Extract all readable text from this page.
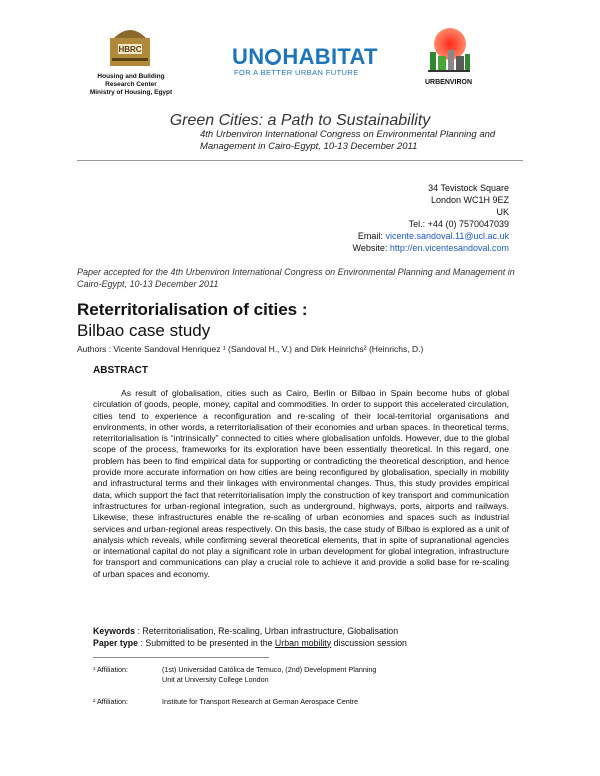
HBRC
Housing and Building
Research Center
Ministry of Housing, Egypt
UN HABITAT
FOR A BETTER URBAN FUTURE
URBENVIRON
Green Cities: a Path to Sustainability
4th Urbenviron International Congress on Environmental Planning and Management in Cairo-Egypt, 10-13 December 2011
34 Tevistock Square
London WC1H 9EZ
UK
Tel.: +44 (0) 7570047039
Email: vicente.sandoval.11@ucl.ac.uk
Website: http://en.vicentesandoval.com
Paper accepted for the 4th Urbenviron International Congress on Environmental Planning and Management in Cairo-Egypt, 10-13 December 2011
Reterritorialisation of cities :
Bilbao case study
Authors : Vicente Sandoval Henriquez ¹ (Sandoval H., V.) and Dirk Heinrichs² (Heinrichs, D.)
ABSTRACT
As result of globalisation, cities such as Cairo, Berlin or Bilbao in Spain become hubs of global circulation of goods, people, money, capital and commodities. In order to support this accelerated circulation, cities tend to experience a reconfiguration and re-scaling of their local-territorial organisations and environments, in other words, a reterritorialisation of their economies and urban spaces. In theoretical terms, reterritorialisation is “intrinsically” connected to cities where globalisation unfolds. However, due to the global scope of the process, frameworks for its exploration have been essentially theoretical. In this regard, one problem has been to find empirical data for supporting or contradicting the theoretical description, and hence provide more accurate information on how cities are being reconfigured by globalisation, specially in mobility and infrastructural terms and their linkages with environmental changes. Thus, this study provides empirical data, which support the fact that reterritorialisation imply the construction of key transport and communication infrastructures for urban-regional integration, such as underground, highways, ports, airports and railways. Likewise, these infrastructures enable the re-scaling of urban economies and spaces such as industrial services and urban-regional areas respectively. On this basis, the case study of Bilbao is explored as a unit of analysis which reveals, while confirming several theoretical elements, that in spite of supranational agencies or international capital do not play a significant role in urban development for global integration, infrastructure for transport and communications can play a crucial role to achieve it and provide a solid base for re-scaling of urban spaces and economy.
Keywords : Reterritorialisation, Re-scaling, Urban infrastructure, Globalisation
Paper type : Submitted to be presented in the Urban mobility discussion session
¹ Affiliation:	(1st) Universidad Católica de Temuco, (2nd) Development Planning
Unit at University College London
² Affiliation:	Institute for Transport Research at German Aerospace Centre
